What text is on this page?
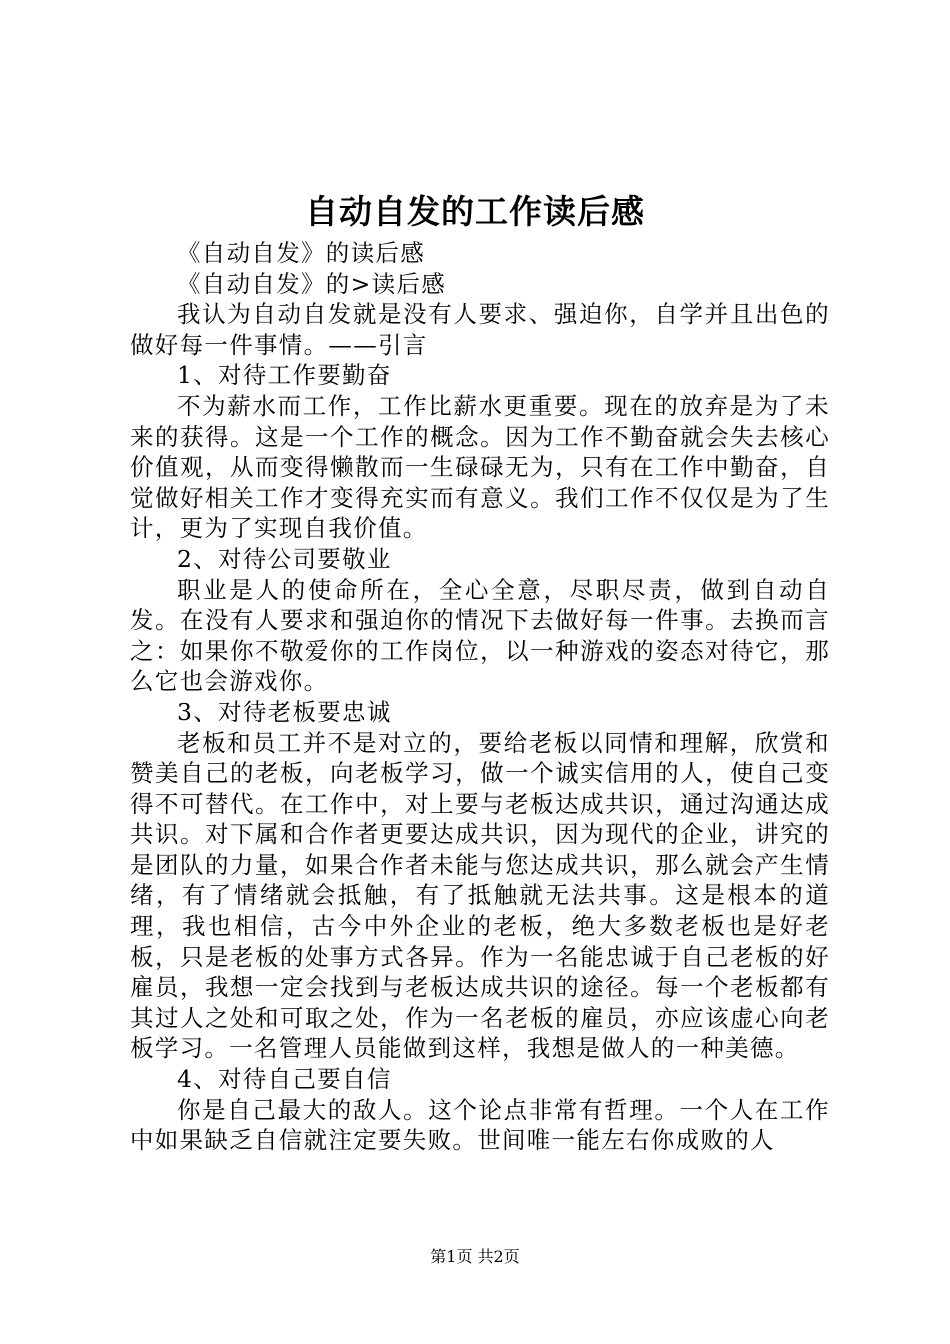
自动自发的工作读后感

《自动自发》的读后感

《自动自发》的>读后感

我认为自动自发就是没有人要求、强迫你，自学并且出色的做好每一件事情。——引言

1、对待工作要勤奋

不为薪水而工作，工作比薪水更重要。现在的放弃是为了未来的获得。这是一个工作的概念。因为工作不勤奋就会失去核心价值观，从而变得懒散而一生碌碌无为，只有在工作中勤奋，自觉做好相关工作才变得充实而有意义。我们工作不仅仅是为了生计，更为了实现自我价值。

2、对待公司要敬业

职业是人的使命所在，全心全意，尽职尽责，做到自动自发。在没有人要求和强迫你的情况下去做好每一件事。去换而言之：如果你不敬爱你的工作岗位，以一种游戏的姿态对待它，那么它也会游戏你。

3、对待老板要忠诚

老板和员工并不是对立的，要给老板以同情和理解，欣赏和赞美自己的老板，向老板学习，做一个诚实信用的人，使自己变得不可替代。在工作中，对上要与老板达成共识，通过沟通达成共识。对下属和合作者更要达成共识，因为现代的企业，讲究的是团队的力量，如果合作者未能与您达成共识，那么就会产生情绪，有了情绪就会抵触，有了抵触就无法共事。这是根本的道理，我也相信，古今中外企业的老板，绝大多数老板也是好老板，只是老板的处事方式各异。作为一名能忠诚于自己老板的好雇员，我想一定会找到与老板达成共识的途径。每一个老板都有其过人之处和可取之处，作为一名老板的雇员，亦应该虚心向老板学习。一名管理人员能做到这样，我想是做人的一种美德。

4、对待自己要自信

你是自己最大的敌人。这个论点非常有哲理。一个人在工作中如果缺乏自信就注定要失败。世间唯一能左右你成败的人

第1页 共2页
